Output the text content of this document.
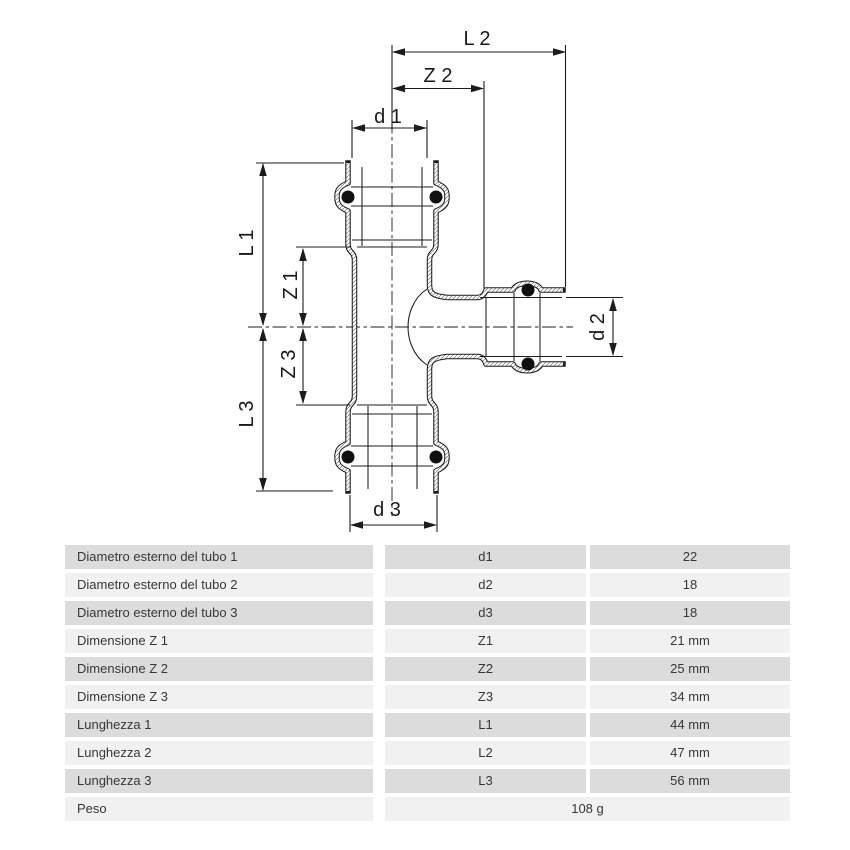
L 2
Z 2
d 1
L 1
Z 1
Z 3
L 3
d 2
d 3
Diametro esterno del tubo 1	d1	22
Diametro esterno del tubo 2	d2	18
Diametro esterno del tubo 3	d3	18
Dimensione Z 1	Z1	21 mm
Dimensione Z 2	Z2	25 mm
Dimensione Z 3	Z3	34 mm
Lunghezza 1	L1	44 mm
Lunghezza 2	L2	47 mm
Lunghezza 3	L3	56 mm
Peso	108 g
